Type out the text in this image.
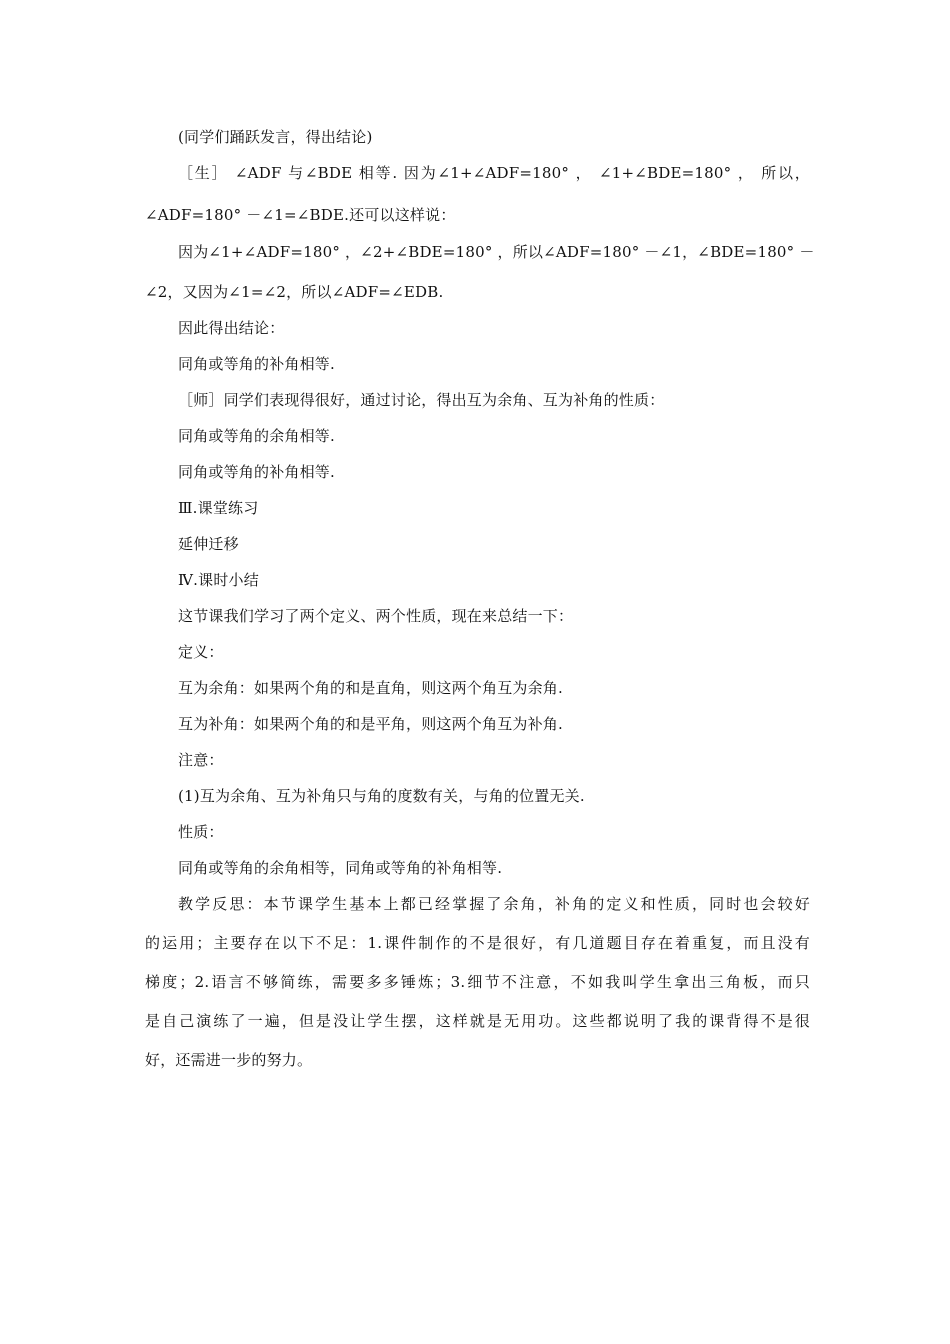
(同学们踊跃发言，得出结论)
［生］ ∠ADF 与∠BDE 相等. 因为∠1+∠ADF=180° ， ∠1+∠BDE=180° ， 所以，
∠ADF=180° －∠1=∠BDE.还可以这样说：
因为∠1+∠ADF=180° ，∠2+∠BDE=180° ，所以∠ADF=180° －∠1，∠BDE=180° －
∠2，又因为∠1=∠2，所以∠ADF=∠EDB.
因此得出结论：
同角或等角的补角相等.
［师］同学们表现得很好，通过讨论，得出互为余角、互为补角的性质：
同角或等角的余角相等.
同角或等角的补角相等.
Ⅲ.课堂练习
延伸迁移
Ⅳ.课时小结
这节课我们学习了两个定义、两个性质，现在来总结一下：
定义：
互为余角：如果两个角的和是直角，则这两个角互为余角.
互为补角：如果两个角的和是平角，则这两个角互为补角.
注意：
(1)互为余角、互为补角只与角的度数有关，与角的位置无关.
性质：
同角或等角的余角相等，同角或等角的补角相等.
教学反思：本节课学生基本上都已经掌握了余角，补角的定义和性质，同时也会较好
的运用；主要存在以下不足：1.课件制作的不是很好，有几道题目存在着重复，而且没有
梯度；2.语言不够简练，需要多多锤炼；3.细节不注意，不如我叫学生拿出三角板，而只
是自己演练了一遍，但是没让学生摆，这样就是无用功。这些都说明了我的课背得不是很
好，还需进一步的努力。
